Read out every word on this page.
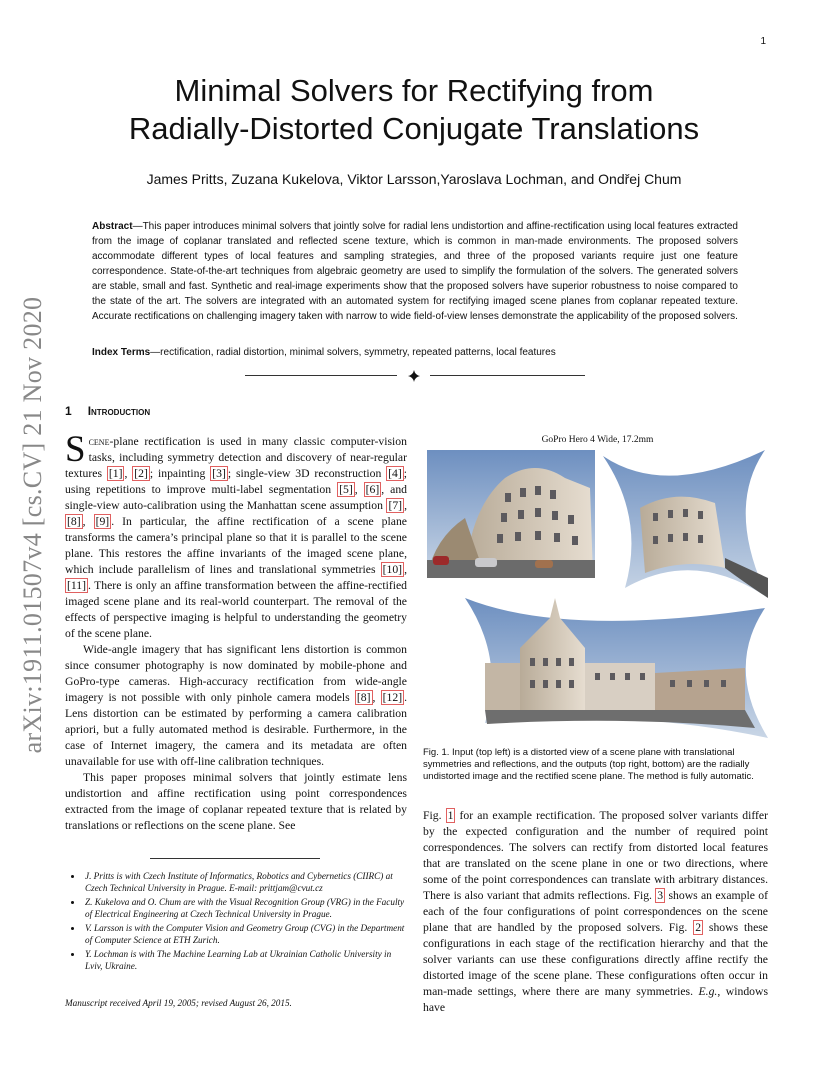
1
arXiv:1911.01507v4 [cs.CV] 21 Nov 2020
Minimal Solvers for Rectifying from
Radially-Distorted Conjugate Translations
James Pritts, Zuzana Kukelova, Viktor Larsson,Yaroslava Lochman, and Ondřej Chum
Abstract—This paper introduces minimal solvers that jointly solve for radial lens undistortion and affine-rectification using local features extracted from the image of coplanar translated and reflected scene texture, which is common in man-made environments. The proposed solvers accommodate different types of local features and sampling strategies, and three of the proposed variants require just one feature correspondence. State-of-the-art techniques from algebraic geometry are used to simplify the formulation of the solvers. The generated solvers are stable, small and fast. Synthetic and real-image experiments show that the proposed solvers have superior robustness to noise compared to the state of the art. The solvers are integrated with an automated system for rectifying imaged scene planes from coplanar repeated texture. Accurate rectifications on challenging imagery taken with narrow to wide field-of-view lenses demonstrate the applicability of the proposed solvers.
Index Terms—rectification, radial distortion, minimal solvers, symmetry, repeated patterns, local features
1 Introduction

Scene-plane rectification is used in many classic computer-vision tasks, including symmetry detection and discovery of near-regular textures [1] , [2] ; inpainting [3] ; single-view 3D reconstruction [4] ; using repetitions to improve multi-label segmentation [5] , [6] , and single-view auto-calibration using the Manhattan scene assumption [7] , [8] , [9] . In particular, the affine rectification of a scene plane transforms the camera’s principal plane so that it is parallel to the scene plane. This restores the affine invariants of the imaged scene plane, which include parallelism of lines and translational symmetries [10] , [11] . There is only an affine transformation between the affine-rectified imaged scene plane and its real-world counterpart. The removal of the effects of perspective imaging is helpful to understanding the geometry of the scene plane.

Wide-angle imagery that has significant lens distortion is common since consumer photography is now dominated by mobile-phone and GoPro-type cameras. High-accuracy rectification from wide-angle imagery is not possible with only pinhole camera models [8] , [12] . Lens distortion can be estimated by performing a camera calibration apriori, but a fully automated method is desirable. Furthermore, in the case of Internet imagery, the camera and its metadata are often unavailable for use with off-line calibration techniques.

This paper proposes minimal solvers that jointly estimate lens undistortion and affine rectification using point correspondences extracted from the image of coplanar repeated texture that is related by translations or reflections on the scene plane. See

• J. Pritts is with Czech Institute of Informatics, Robotics and Cybernetics (CIIRC) at Czech Technical University in Prague. E-mail: prittjam@cvut.cz
• Z. Kukelova and O. Chum are with the Visual Recognition Group (VRG) in the Faculty of Electrical Engineering at Czech Technical University in Prague.
• V. Larsson is with the Computer Vision and Geometry Group (CVG) in the Department of Computer Science at ETH Zurich.
• Y. Lochman is with The Machine Learning Lab at Ukrainian Catholic University in Lviv, Ukraine.
Manuscript received April 19, 2005; revised August 26, 2015.
GoPro Hero 4 Wide, 17.2mm
Fig. 1. Input (top left) is a distorted view of a scene plane with translational symmetries and reflections, and the outputs (top right, bottom) are the radially undistorted image and the rectified scene plane. The method is fully automatic.
Fig. 1 for an example rectification. The proposed solver variants differ by the expected configuration and the number of required point correspondences. The solvers can rectify from distorted local features that are translated on the scene plane in one or two directions, where some of the point correspondences can translate with arbitrary distances. There is also variant that admits reflections. Fig. 3 shows an example of each of the four configurations of point correspondences on the scene plane that are handled by the proposed solvers. Fig. 2 shows these configurations in each stage of the rectification hierarchy and that the solver variants can use these configurations directly affine rectify the distorted image of the scene plane. These configurations often occur in man-made settings, where there are many symmetries. E.g., windows have
